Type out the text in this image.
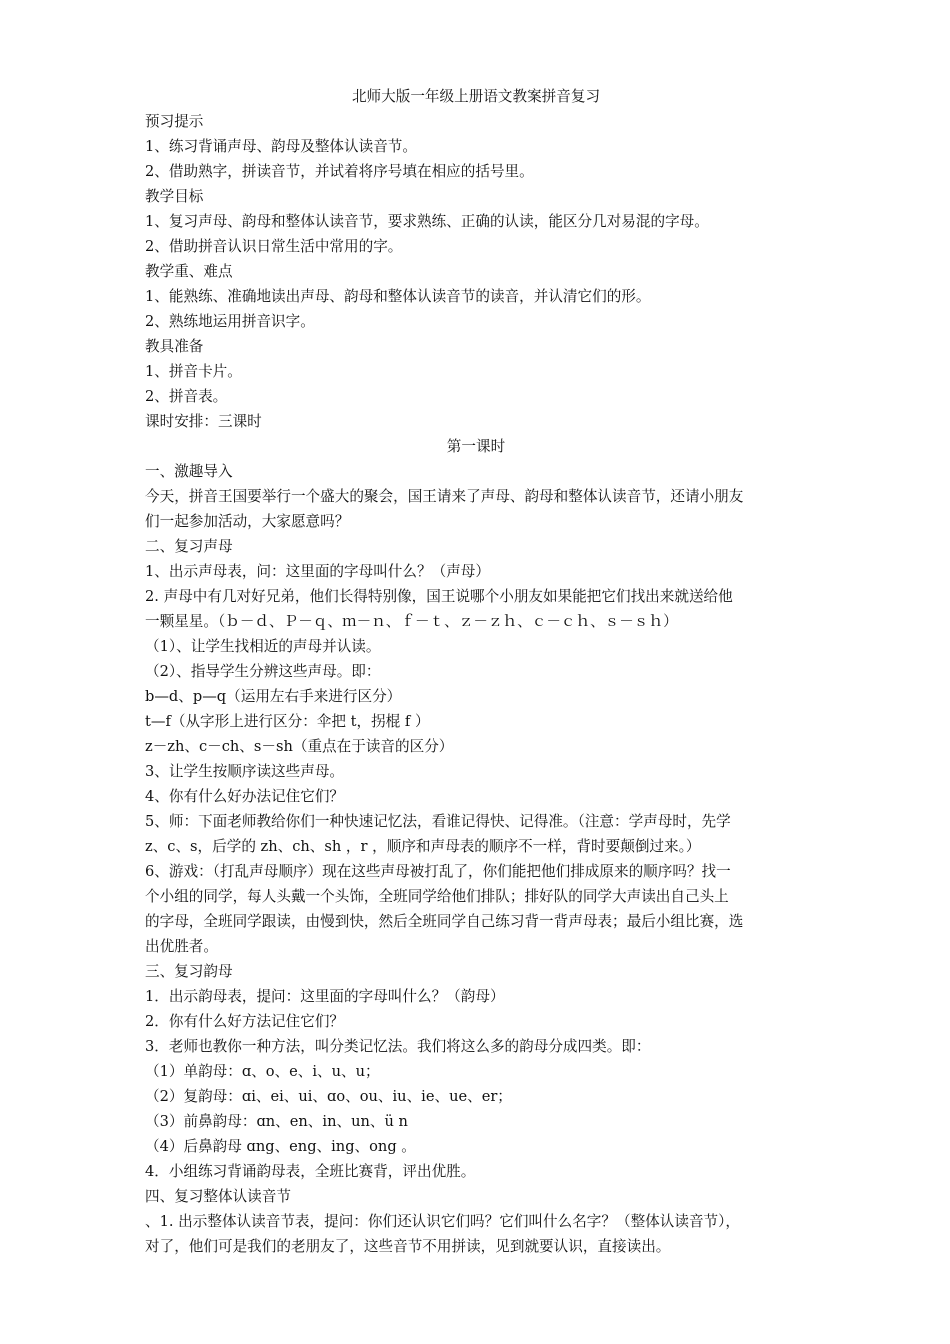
北师大版一年级上册语文教案拼音复习
预习提示
1、练习背诵声母、韵母及整体认读音节。
2、借助熟字，拼读音节，并试着将序号填在相应的括号里。
教学目标
1、复习声母、韵母和整体认读音节，要求熟练、正确的认读，能区分几对易混的字母。
2、借助拼音认识日常生活中常用的字。
教学重、难点
1、能熟练、准确地读出声母、韵母和整体认读音节的读音，并认清它们的形。
2、熟练地运用拼音识字。
教具准备
1、拼音卡片。
2、拼音表。
课时安排：三课时
第一课时
一、激趣导入
今天，拼音王国要举行一个盛大的聚会，国王请来了声母、韵母和整体认读音节，还请小朋友
们一起参加活动，大家愿意吗？
二、复习声母
1、出示声母表，问：这里面的字母叫什么？（声母）
2. 声母中有几对好兄弟，他们长得特别像，国王说哪个小朋友如果能把它们找出来就送给他
一颗星星。（ｂ－ｄ、Ｐ－ｑ、ｍ－ｎ、ｆ－ｔ、ｚ－ｚｈ、ｃ－ｃｈ、ｓ－ｓｈ）
（1）、让学生找相近的声母并认读。
（2）、指导学生分辨这些声母。即：
b—d、p—q（运用左右手来进行区分）
t—f（从字形上进行区分：伞把 t，拐棍 f ）
z－zh、c－ch、s－sh（重点在于读音的区分）
3、让学生按顺序读这些声母。
4、你有什么好办法记住它们？
5、师：下面老师教给你们一种快速记忆法，看谁记得快、记得准。（注意：学声母时，先学
z、c、s，后学的 zh、ch、sh ，r ，顺序和声母表的顺序不一样，背时要颠倒过来。）
6、游戏：（打乱声母顺序）现在这些声母被打乱了，你们能把他们排成原来的顺序吗？找一
个小组的同学，每人头戴一个头饰，全班同学给他们排队；排好队的同学大声读出自己头上
的字母，全班同学跟读，由慢到快，然后全班同学自己练习背一背声母表；最后小组比赛，选
出优胜者。
三、复习韵母
1．出示韵母表，提问：这里面的字母叫什么？（韵母）
2．你有什么好方法记住它们？
3．老师也教你一种方法，叫分类记忆法。我们将这么多的韵母分成四类。即：
（1）单韵母：ɑ、o、e、i、u、u；
（2）复韵母：ɑi、ei、ui、ɑo、ou、iu、ie、ue、er；
（3）前鼻韵母：ɑn、en、in、un、ü n
（4）后鼻韵母 ɑng、eng、ing、ong 。
4．小组练习背诵韵母表，全班比赛背，评出优胜。
四、复习整体认读音节
、1. 出示整体认读音节表，提问：你们还认识它们吗？它们叫什么名字？（整体认读音节），
对了，他们可是我们的老朋友了，这些音节不用拼读，见到就要认识，直接读出。
